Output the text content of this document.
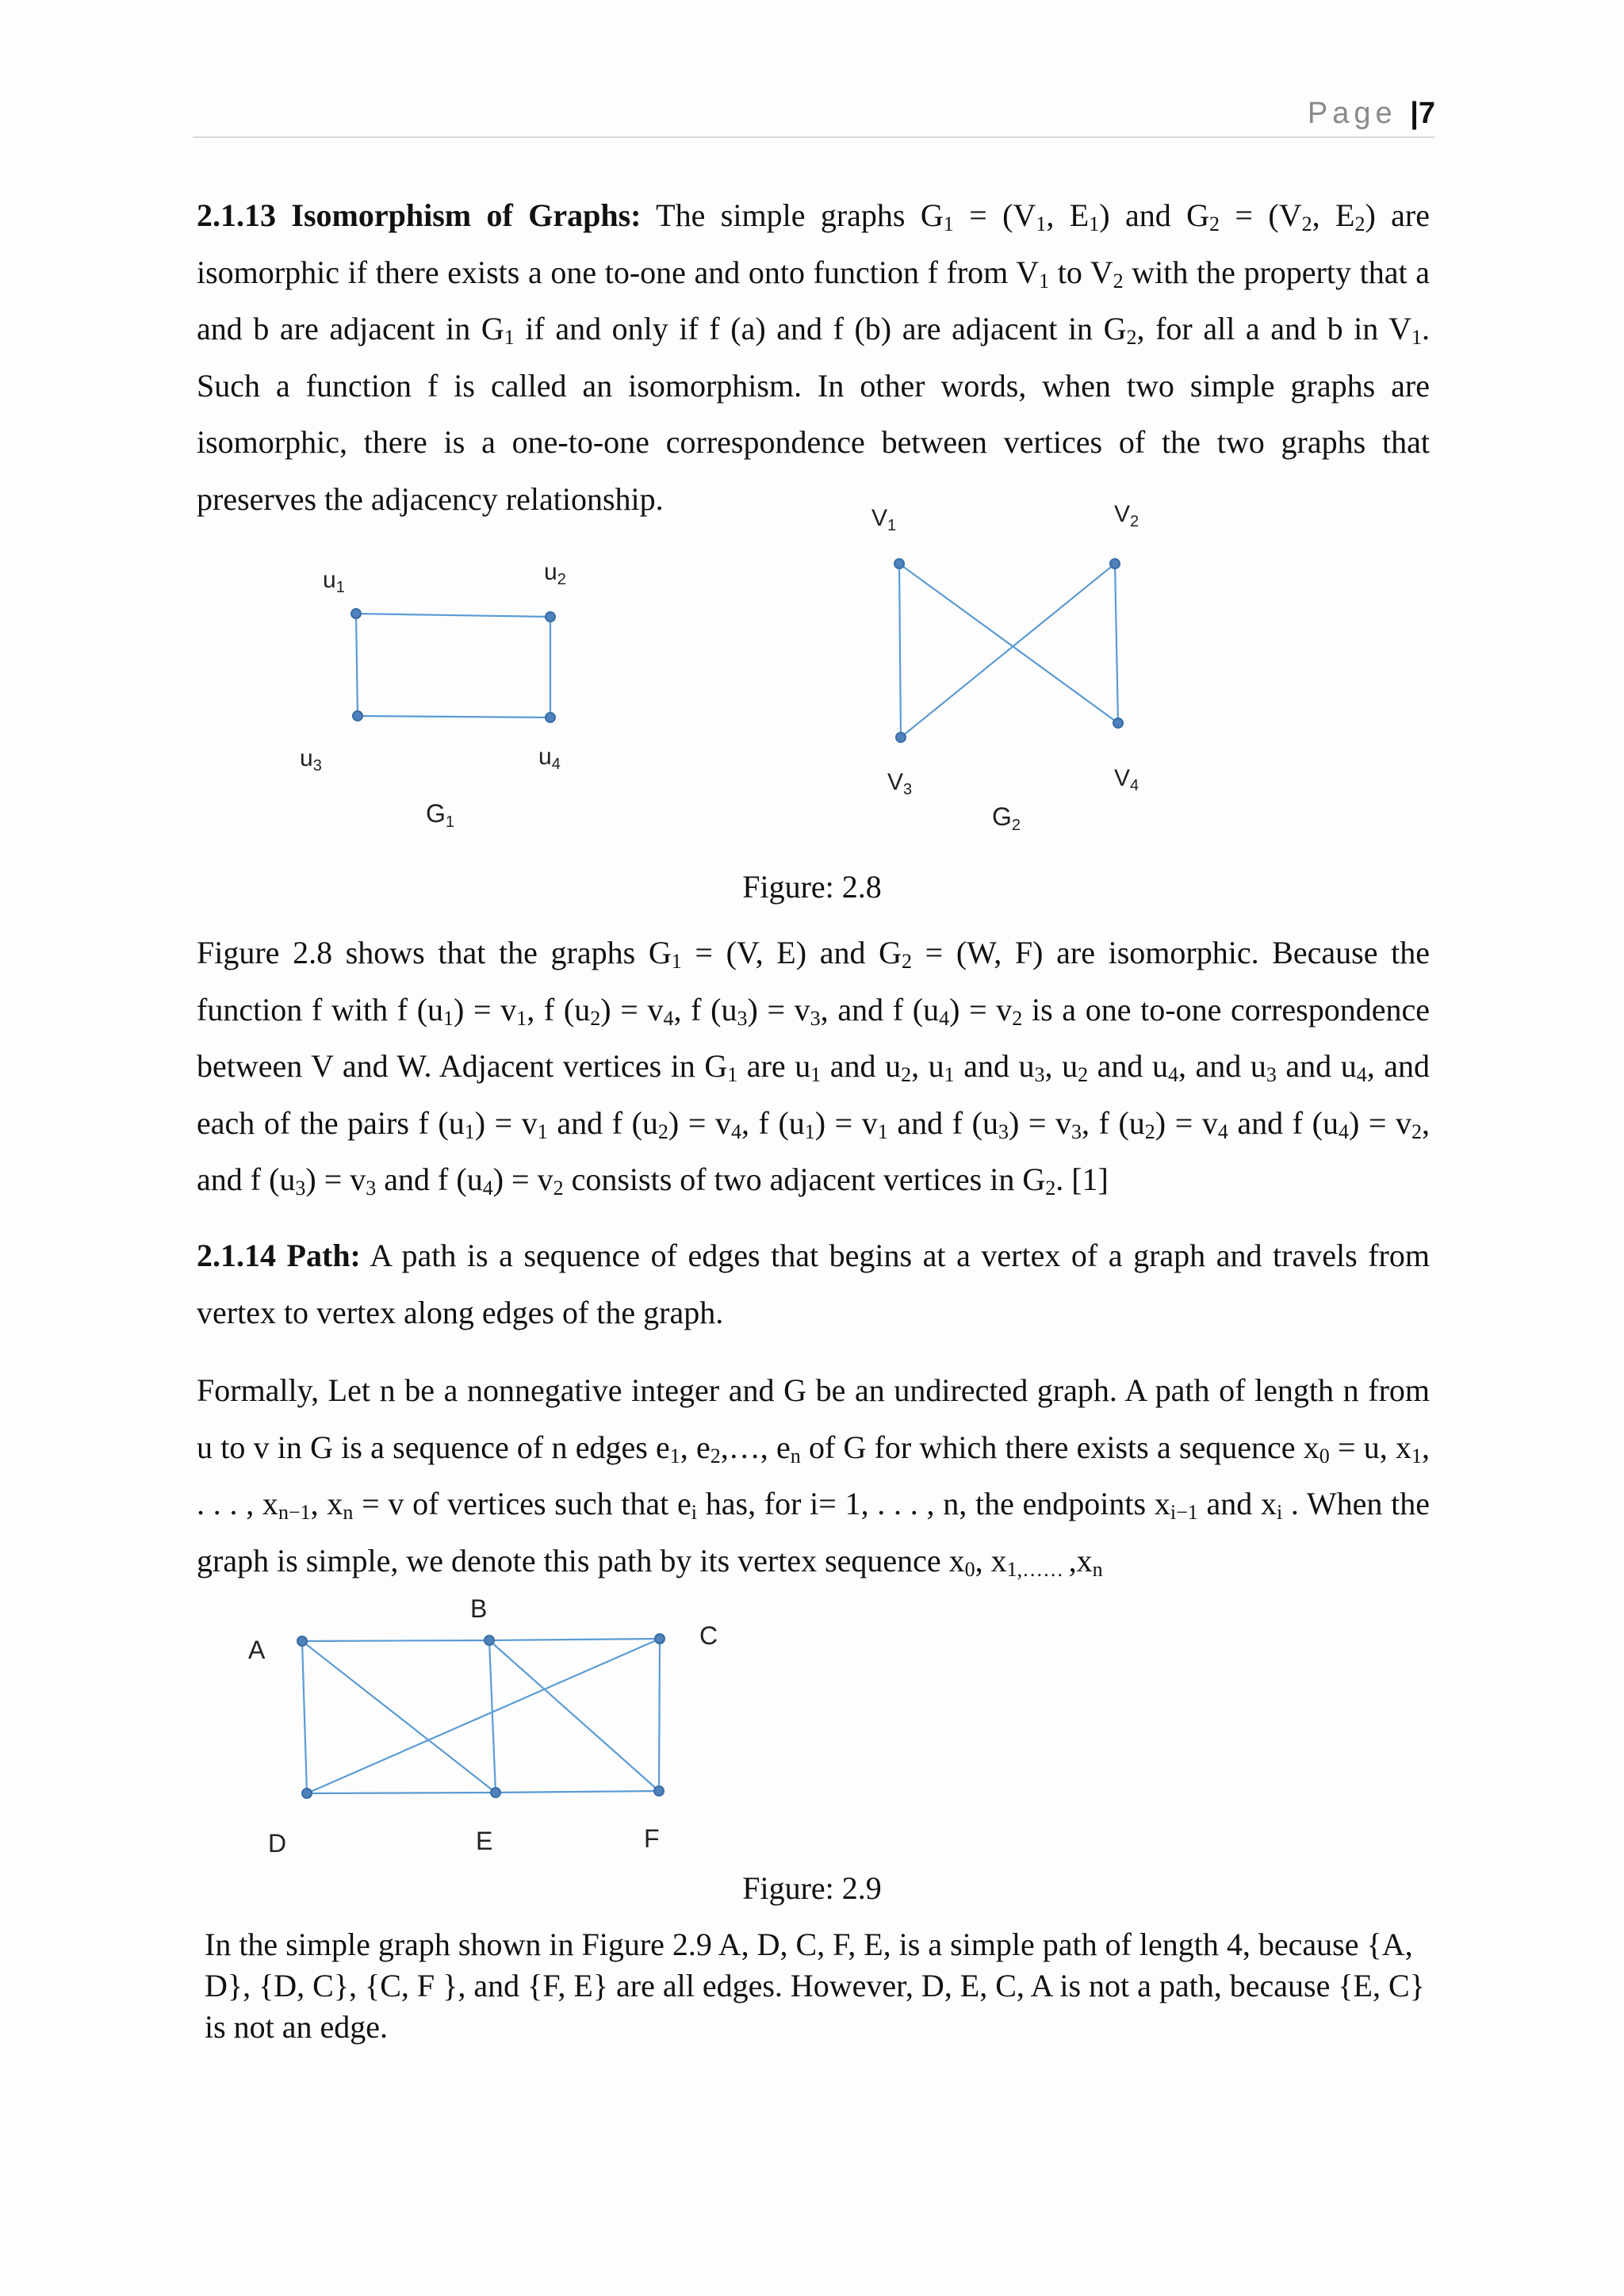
Page |7

2.1.13 Isomorphism of Graphs: The simple graphs $G_1 = (V_1$, $E_1$) and $G_2 = (V_2$, $E_2$) are isomorphic if there exists a one to-one and onto function f from $V_1$ to $V_2$ with the property that a and b are adjacent in $G_1$ if and only if f (a) and f (b) are adjacent in $G_2$, for all a and b in $V_1$. Such a function f is called an isomorphism. In other words, when two simple graphs are isomorphic, there is a one-to-one correspondence between vertices of the two graphs that preserves the adjacency relationship.

$u_1$
$u_2$
$u_3$	$u_4$
$G_1$
$V_1$	$V_2$
$V_3$	$V_4$
$G_2$
Figure: 2.8

Figure 2.8 shows that the graphs $G_1 = (V$, E) and $G_2 = (W$, F) are isomorphic. Because the function f with f $(u_1) = v_1$, f $(u_2) = v_4$, f $(u_3) = v_3$, and f $(u_4) = v_2$ is a one to-one correspondence between V and W. Adjacent vertices in $G_1$ are $u_1$ and $u_2$, $u_1$ and $u_3$, $u_2$ and $u_4$, and $u_3$ and $u_4$, and each of the pairs f $(u_1) = v_1$ and f $(u_2) = v_4$, f $(u_1) = v_1$ and f $(u_3) = v_3$, f $(u_2) = v_4$ and f $(u_4) = v_2$, and f $(u_3) = v_3$ and f $(u_4) = v_2$ consists of two adjacent vertices in $G_2$. [1]

2.1.14 Path: A path is a sequence of edges that begins at a vertex of a graph and travels from vertex to vertex along edges of the graph.

Formally, Let n be a nonnegative integer and G be an undirected graph. A path of length n from u to v in G is a sequence of n edges $e_1$, $e_2,\dots$, $e_n$ of G for which there exists a sequence $x_0 = u$, $x_1$, . . . , $x_{n-1}$, $x_n = v$ of vertices such that $e_i$ has, for i= 1, . . . , n, the endpoints $x_{i-1}$ and $x_i$ . When the graph is simple, we denote this path by its vertex sequence $x_0$, $x_{1,\dots\dots}$ $,x_n$

A
B
C
D	E	F
Figure: 2.9
In the simple graph shown in Figure 2.9 A, D, C, F, E, is a simple path of length 4, because {A, D}, {D, C}, {C, F }, and {F, E} are all edges. However, D, E, C, A is not a path, because {E, C} is not an edge.
